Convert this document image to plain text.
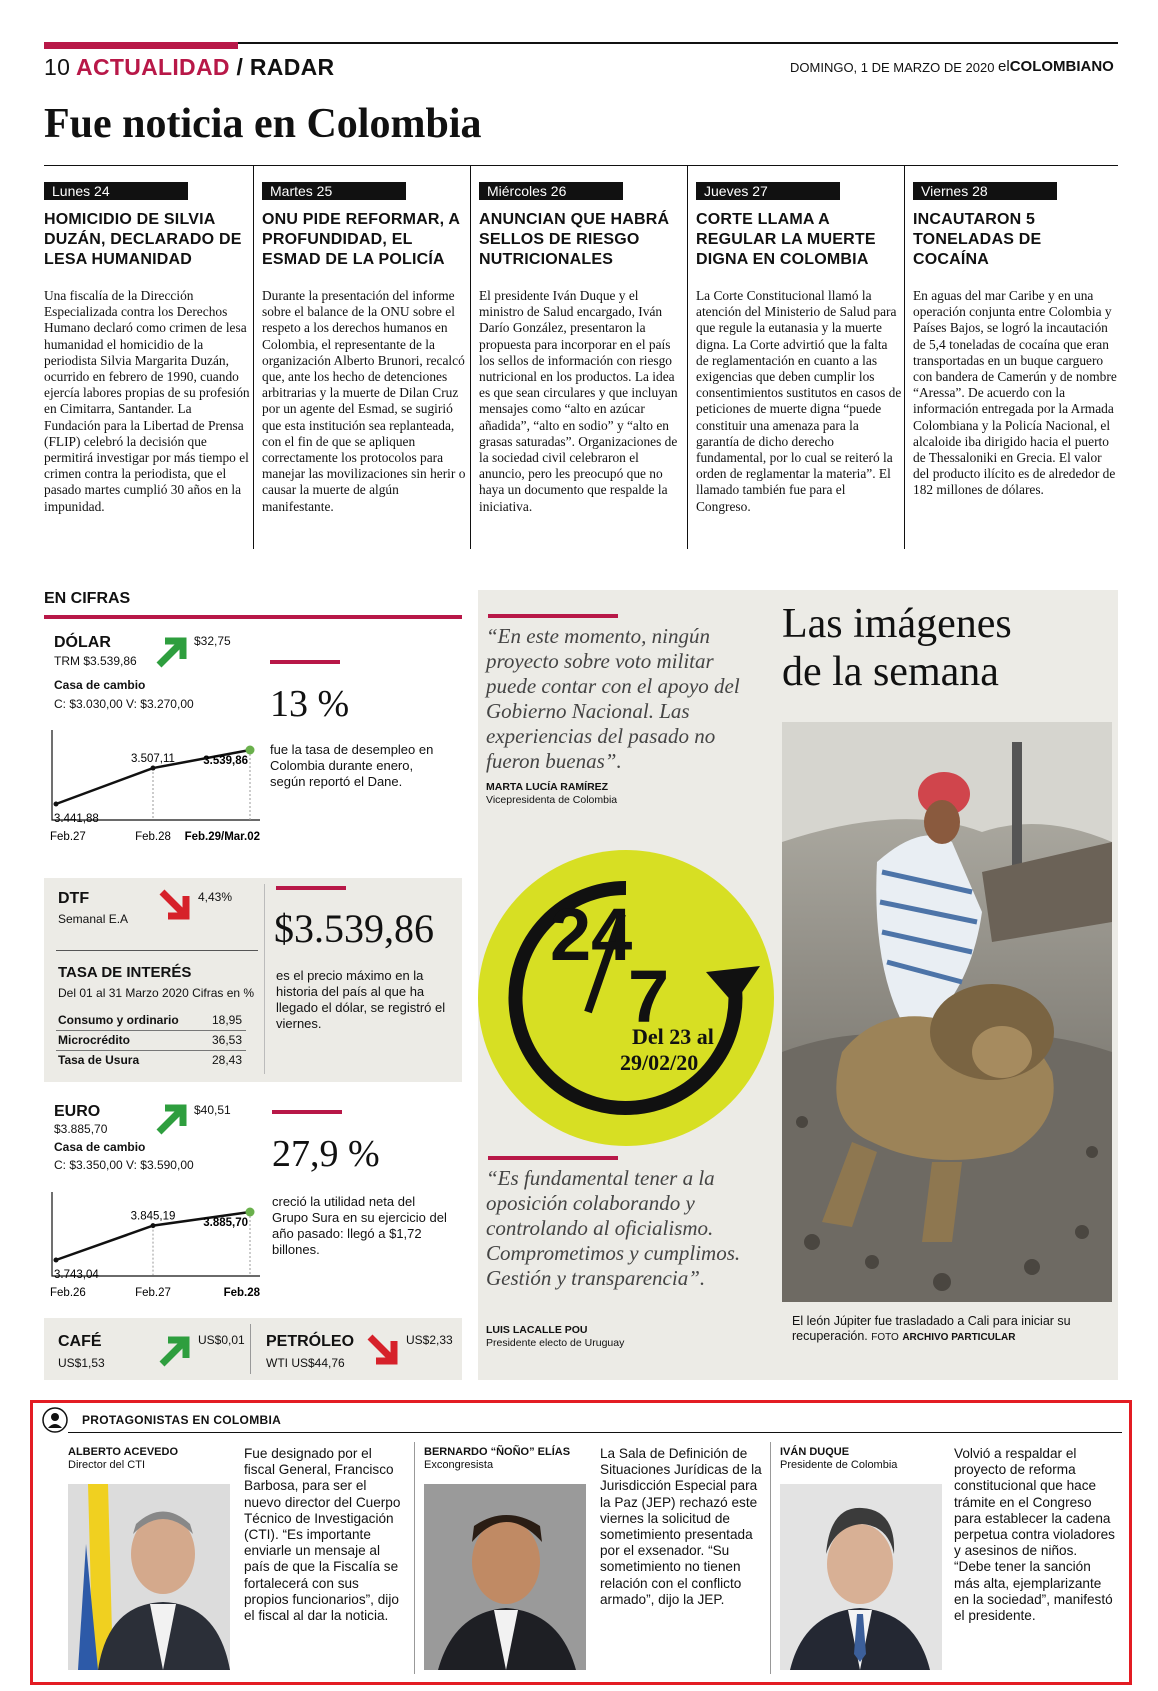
10 ACTUALIDAD / RADAR	DOMINGO, 1 DE MARZO DE 2020 elCOLOMBIANO
Fue noticia en Colombia
Lunes 24
HOMICIDIO DE SILVIA DUZÁN, DECLARADO DE LESA HUMANIDAD
Una fiscalía de la Dirección Especializada contra los Derechos Humano declaró como crimen de lesa humanidad el homicidio de la periodista Silvia Margarita Duzán, ocurrido en febrero de 1990, cuando ejercía labores propias de su profesión en Cimitarra, Santander. La Fundación para la Libertad de Prensa (FLIP) celebró la decisión que permitirá investigar por más tiempo el crimen contra la periodista, que el pasado martes cumplió 30 años en la impunidad.
Martes 25
ONU PIDE REFORMAR, A PROFUNDIDAD, EL ESMAD DE LA POLICÍA
Durante la presentación del informe sobre el balance de la ONU sobre el respeto a los derechos humanos en Colombia, el representante de la organización Alberto Brunori, recalcó que, ante los hecho de detenciones arbitrarias y la muerte de Dilan Cruz por un agente del Esmad, se sugirió que esta institución sea replanteada, con el fin de que se apliquen correctamente los protocolos para manejar las movilizaciones sin herir o causar la muerte de algún manifestante.
Miércoles 26
ANUNCIAN QUE HABRÁ SELLOS DE RIESGO NUTRICIONALES
El presidente Iván Duque y el ministro de Salud encargado, Iván Darío González, presentaron la propuesta para incorporar en el país los sellos de información con riesgo nutricional en los productos. La idea es que sean circulares y que incluyan mensajes como “alto en azúcar añadida”, “alto en sodio” y “alto en grasas saturadas”. Organizaciones de la sociedad civil celebraron el anuncio, pero les preocupó que no haya un documento que respalde la iniciativa.
Jueves 27
CORTE LLAMA A REGULAR LA MUERTE DIGNA EN COLOMBIA
La Corte Constitucional llamó la atención del Ministerio de Salud para que regule la eutanasia y la muerte digna. La Corte advirtió que la falta de reglamentación en cuanto a las exigencias que deben cumplir los consentimientos sustitutos en casos de peticiones de muerte digna “puede constituir una amenaza para la garantía de dicho derecho fundamental, por lo cual se reiteró la orden de reglamentar la materia”. El llamado también fue para el Congreso.
Viernes 28
INCAUTARON 5 TONELADAS DE COCAÍNA
En aguas del mar Caribe y en una operación conjunta entre Colombia y Países Bajos, se logró la incautación de 5,4 toneladas de cocaína que eran transportadas en un buque carguero con bandera de Camerún y de nombre “Aressa”. De acuerdo con la información entregada por la Armada Colombiana y la Policía Nacional, el alcaloide iba dirigido hacia el puerto de Thessaloniki en Grecia. El valor del producto ilícito es de alrededor de 182 millones de dólares.
EN CIFRAS
DÓLAR
TRM $3.539,86
$32,75
Casa de cambio
C: $3.030,00 V: $3.270,00
3.441,88
Feb.27
3.507,11
Feb.28
3.539,86
Feb.29/Mar.02
DTF
Semanal E.A
4,43%
TASA DE INTERÉS
Del 01 al 31 Marzo 2020 Cifras en %
Consumo y ordinario	18,95
Microcrédito	36,53
Tasa de Usura	28,43
EURO
$3.885,70
$40,51
Casa de cambio
C: $3.350,00 V: $3.590,00
3.743,04
Feb.26
3.845,19
Feb.27
3.885,70
Feb.28
CAFÉ
US$1,53
US$0,01 PETRÓLEO
WTI US$44,76
US$2,33
13 %
fue la tasa de desempleo en Colombia durante enero, según reportó el Dane.
$3.539,86
es el precio máximo en la historia del país al que ha llegado el dólar, se registró el viernes.
27,9 %
creció la utilidad neta del Grupo Sura en su ejercicio del año pasado: llegó a $1,72 billones.
“En este momento, ningún proyecto sobre voto militar puede contar con el apoyo del Gobierno Nacional. Las experiencias del pasado no fueron buenas”.
MARTA LUCÍA RAMÍREZ
Vicepresidenta de Colombia
24
7
Del 23 al
29/02/20
“Es fundamental tener a la oposición colaborando y controlando al oficialismo. Comprometimos y cumplimos. Gestión y transparencia”.
LUIS LACALLE POU
Presidente electo de Uruguay
Las imágenes
de la semana
El león Júpiter fue trasladado a Cali para iniciar su recuperación. FOTO ARCHIVO PARTICULAR
PROTAGONISTAS EN COLOMBIA
ALBERTO ACEVEDO
Director del CTI
Fue designado por el fiscal General, Francisco Barbosa, para ser el nuevo director del Cuerpo Técnico de Investigación (CTI). “Es importante enviarle un mensaje al país de que la Fiscalía se fortalecerá con sus propios funcionarios”, dijo el fiscal al dar la noticia.
BERNARDO “ÑOÑO” ELÍAS
Excongresista
La Sala de Definición de Situaciones Jurídicas de la Jurisdicción Especial para la Paz (JEP) rechazó este viernes la solicitud de sometimiento presentada por el exsenador. “Su sometimiento no tienen relación con el conflicto armado”, dijo la JEP.
IVÁN DUQUE
Presidente de Colombia
Volvió a respaldar el proyecto de reforma constitucional que hace trámite en el Congreso para establecer la cadena perpetua contra violadores y asesinos de niños. “Debe tener la sanción más alta, ejemplarizante en la sociedad”, manifestó el presidente.
